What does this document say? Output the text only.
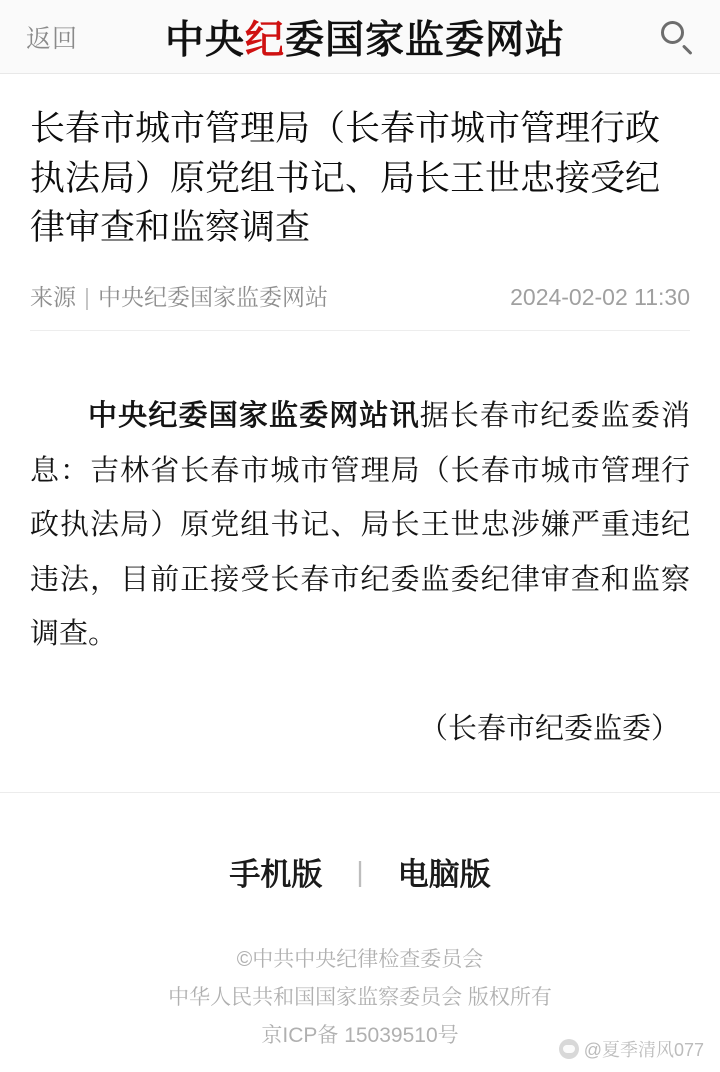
返回	中央纪委国家监委网站
长春市城市管理局（长春市城市管理行政执法局）原党组书记、局长王世忠接受纪律审查和监察调查
来源 | 中央纪委国家监委网站	2024-02-02 11:30
中央纪委国家监委网站讯据长春市纪委监委消息：吉林省长春市城市管理局（长春市城市管理行政执法局）原党组书记、局长王世忠涉嫌严重违纪违法，目前正接受长春市纪委监委纪律审查和监察调查。
（长春市纪委监委）
手机版 | 电脑版
©中共中央纪律检查委员会
中华人民共和国国家监察委员会 版权所有
京ICP备 15039510号
@夏季清风077
